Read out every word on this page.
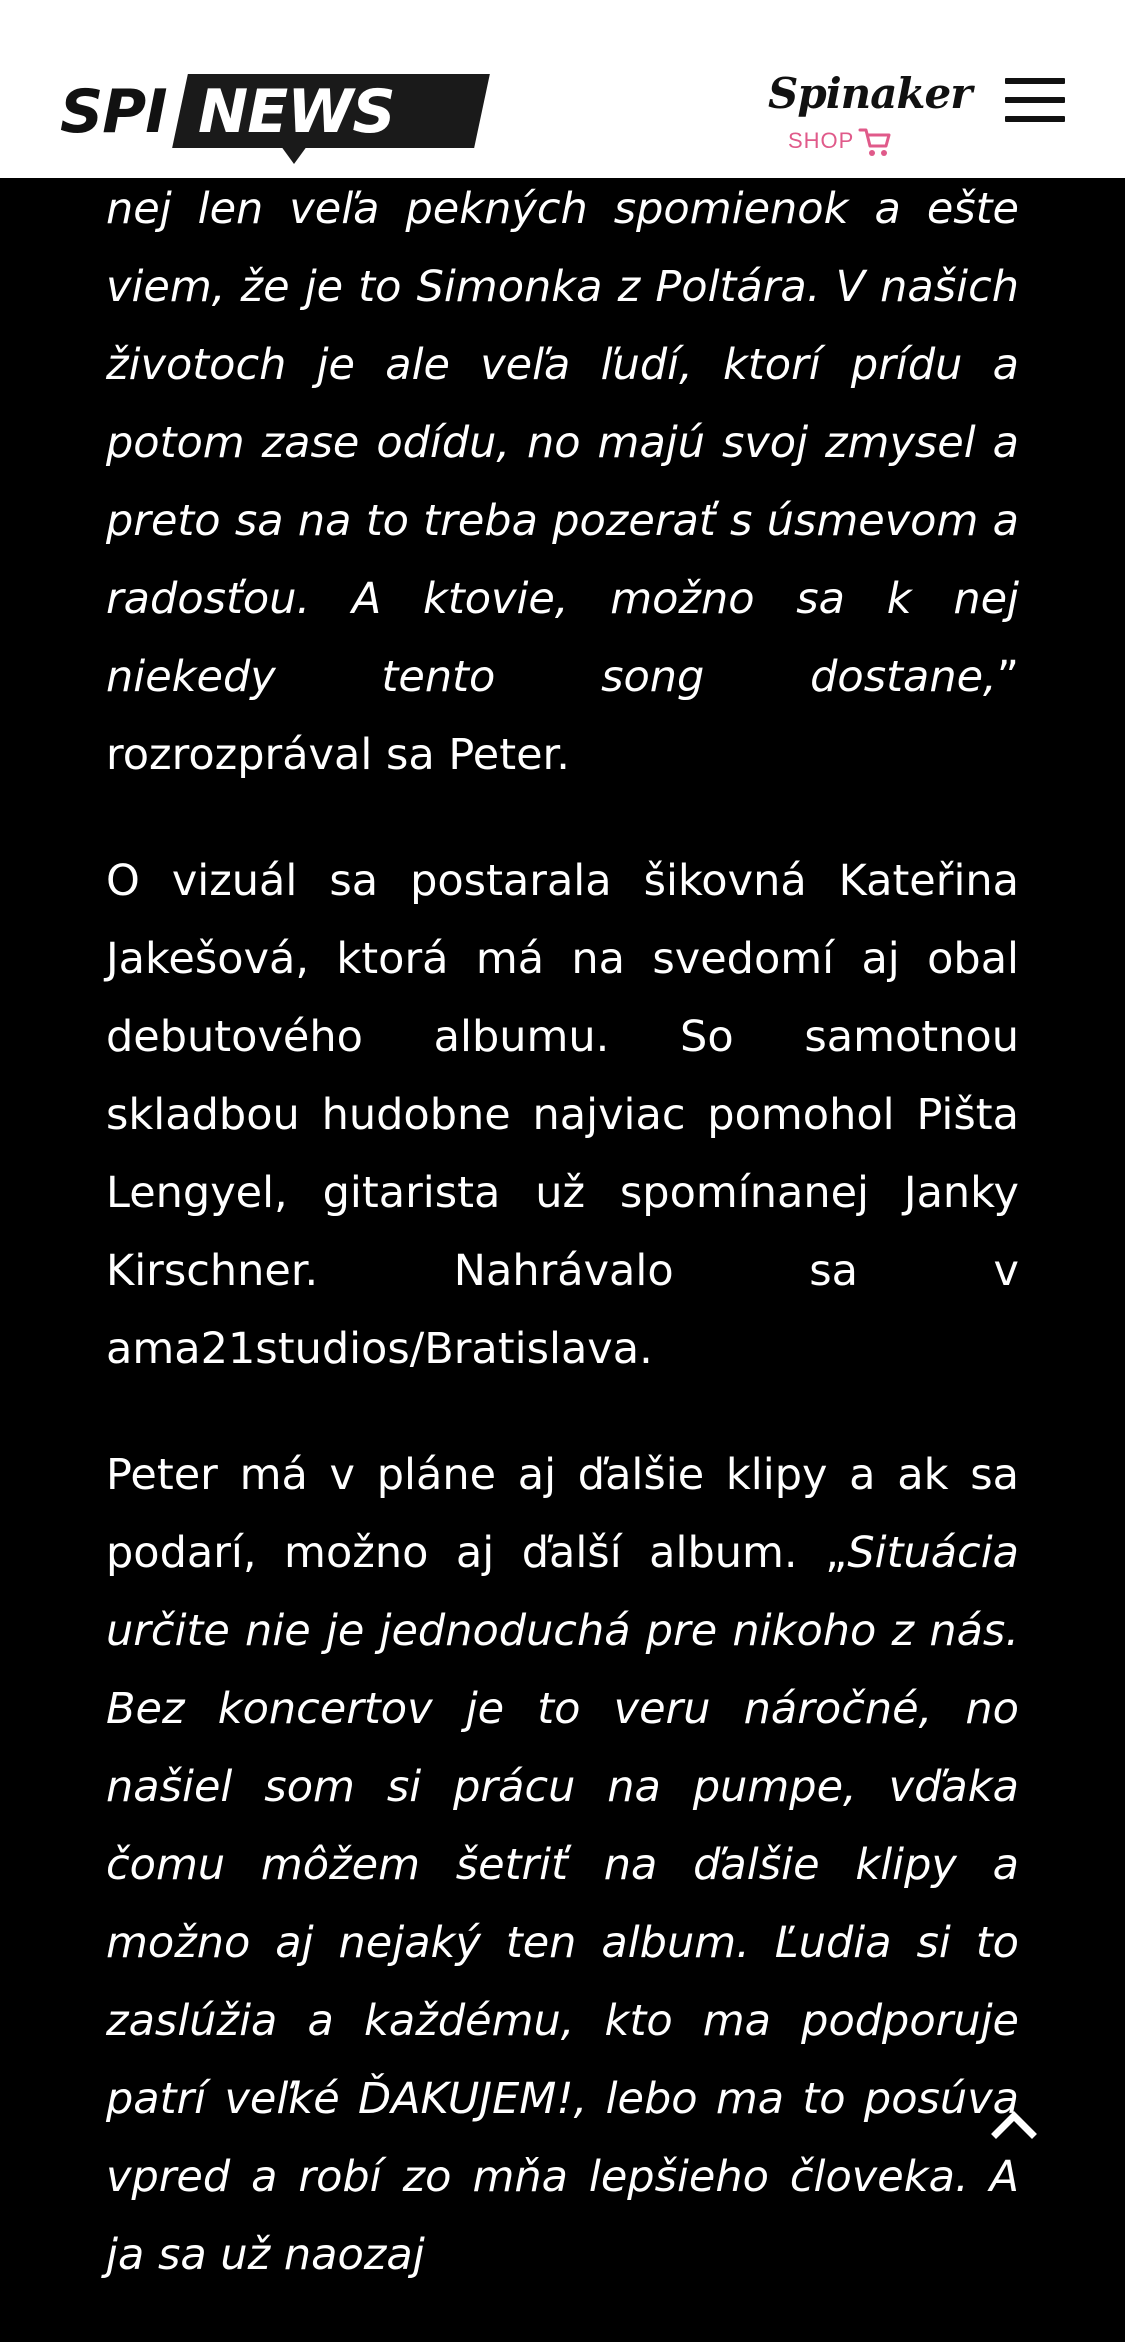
SPI NEWS	Spinaker
SHOP

nej len veľa pekných spomienok a ešte viem, že je to Simonka z Poltára. V našich životoch je ale veľa ľudí, ktorí prídu a potom zase odídu, no majú svoj zmysel a preto sa na to treba pozerať s úsmevom a radosťou. A ktovie, možno sa k nej niekedy tento song dostane,” rozrozprával sa Peter.

O vizuál sa postarala šikovná Kateřina Jakešová, ktorá má na svedomí aj obal debutového albumu. So samotnou skladbou hudobne najviac pomohol Pišta Lengyel, gitarista už spomínanej Janky Kirschner. Nahrávalo sa v ama21studios/Bratislava.

Peter má v pláne aj ďalšie klipy a ak sa podarí, možno aj ďalší album. „Situácia určite nie je jednoduchá pre nikoho z nás. Bez koncertov je to veru náročné, no našiel som si prácu na pumpe, vďaka čomu môžem šetriť na ďalšie klipy a možno aj nejaký ten album. Ľudia si to zaslúžia a každému, kto ma podporuje patrí veľké ĎAKUJEM!, lebo ma to posúva vpred a robí zo mňa lepšieho človeka. A ja sa už naozaj
